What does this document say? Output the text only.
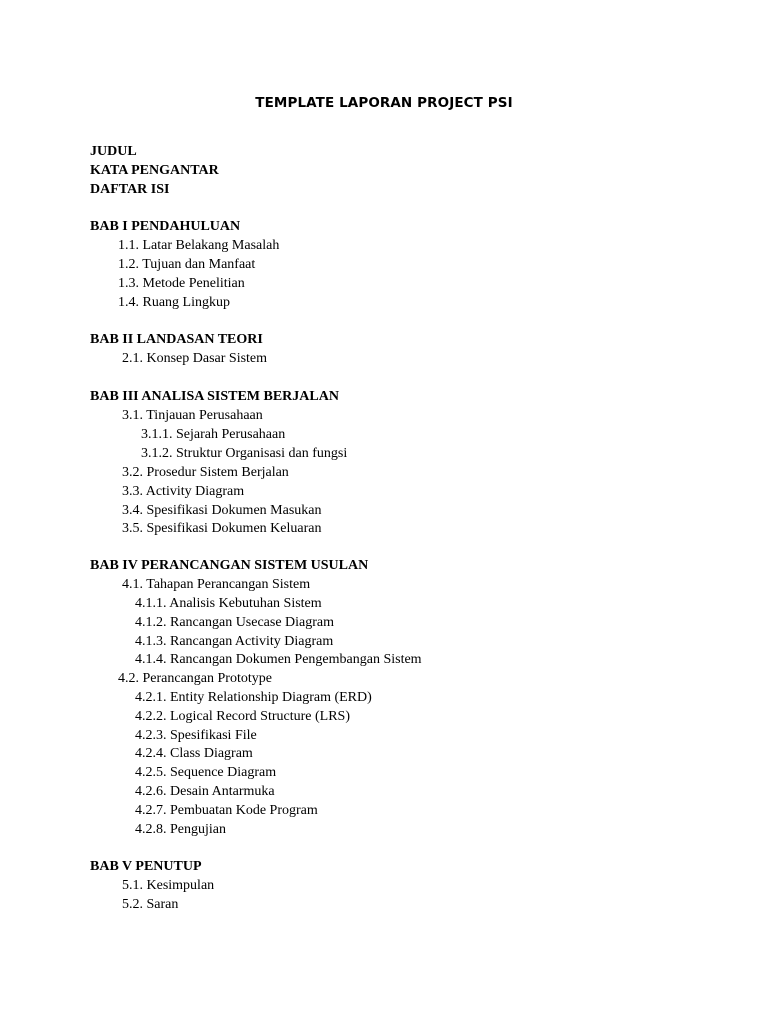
TEMPLATE LAPORAN PROJECT PSI
JUDUL
KATA PENGANTAR
DAFTAR ISI
BAB I PENDAHULUAN
1.1. Latar Belakang Masalah
1.2. Tujuan dan Manfaat
1.3. Metode Penelitian
1.4. Ruang Lingkup
BAB II LANDASAN TEORI
2.1. Konsep Dasar Sistem
BAB III ANALISA SISTEM BERJALAN
3.1. Tinjauan Perusahaan
3.1.1. Sejarah Perusahaan
3.1.2. Struktur Organisasi dan fungsi
3.2. Prosedur Sistem Berjalan
3.3. Activity Diagram
3.4. Spesifikasi Dokumen Masukan
3.5. Spesifikasi Dokumen Keluaran
BAB IV PERANCANGAN SISTEM USULAN
4.1. Tahapan Perancangan Sistem
4.1.1. Analisis Kebutuhan Sistem
4.1.2. Rancangan Usecase Diagram
4.1.3. Rancangan Activity Diagram
4.1.4. Rancangan Dokumen Pengembangan Sistem
4.2. Perancangan Prototype
4.2.1. Entity Relationship Diagram (ERD)
4.2.2. Logical Record Structure (LRS)
4.2.3. Spesifikasi File
4.2.4. Class Diagram
4.2.5. Sequence Diagram
4.2.6. Desain Antarmuka
4.2.7. Pembuatan Kode Program
4.2.8. Pengujian
BAB V PENUTUP
5.1. Kesimpulan
5.2. Saran
